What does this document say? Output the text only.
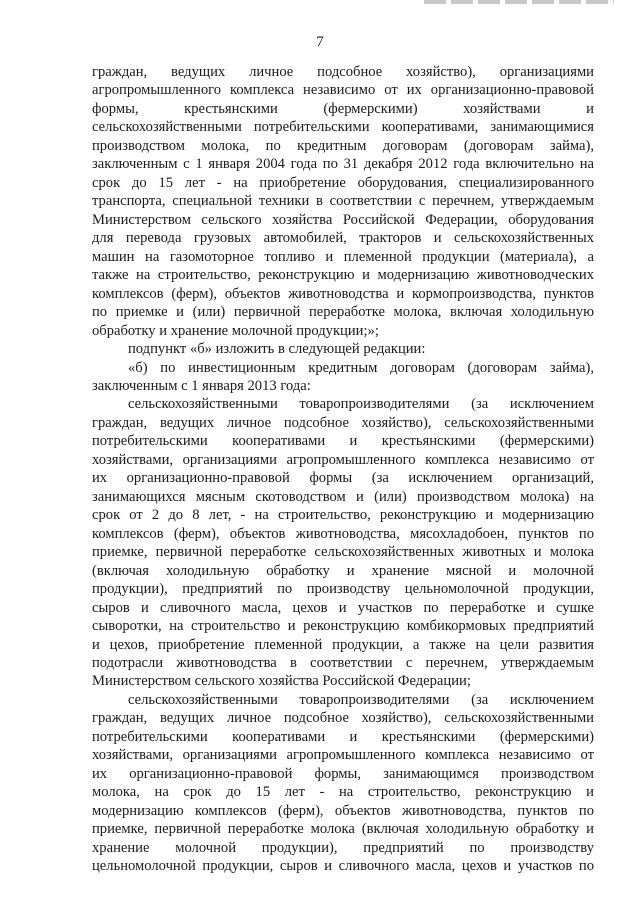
7
граждан, ведущих личное подсобное хозяйство), организациями
агропромышленного комплекса независимо от их организационно-правовой
формы, крестьянскими (фермерскими) хозяйствами и
сельскохозяйственными потребительскими кооперативами, занимающимися
производством молока, по кредитным договорам (договорам займа),
заключенным с 1 января 2004 года по 31 декабря 2012 года включительно на
срок до 15 лет - на приобретение оборудования, специализированного
транспорта, специальной техники в соответствии с перечнем, утверждаемым
Министерством сельского хозяйства Российской Федерации, оборудования
для перевода грузовых автомобилей, тракторов и сельскохозяйственных
машин на газомоторное топливо и племенной продукции (материала), а
также на строительство, реконструкцию и модернизацию животноводческих
комплексов (ферм), объектов животноводства и кормопроизводства, пунктов
по приемке и (или) первичной переработке молока, включая холодильную
обработку и хранение молочной продукции;»;
подпункт «б» изложить в следующей редакции:
«б) по инвестиционным кредитным договорам (договорам займа),
заключенным с 1 января 2013 года:
сельскохозяйственными товаропроизводителями (за исключением
граждан, ведущих личное подсобное хозяйство), сельскохозяйственными
потребительскими кооперативами и крестьянскими (фермерскими)
хозяйствами, организациями агропромышленного комплекса независимо от
их организационно-правовой формы (за исключением организаций,
занимающихся мясным скотоводством и (или) производством молока) на
срок от 2 до 8 лет, - на строительство, реконструкцию и модернизацию
комплексов (ферм), объектов животноводства, мясохладобоен, пунктов по
приемке, первичной переработке сельскохозяйственных животных и молока
(включая холодильную обработку и хранение мясной и молочной
продукции), предприятий по производству цельномолочной продукции,
сыров и сливочного масла, цехов и участков по переработке и сушке
сыворотки, на строительство и реконструкцию комбикормовых предприятий
и цехов, приобретение племенной продукции, а также на цели развития
подотрасли животноводства в соответствии с перечнем, утверждаемым
Министерством сельского хозяйства Российской Федерации;
сельскохозяйственными товаропроизводителями (за исключением
граждан, ведущих личное подсобное хозяйство), сельскохозяйственными
потребительскими кооперативами и крестьянскими (фермерскими)
хозяйствами, организациями агропромышленного комплекса независимо от
их организационно-правовой формы, занимающимся производством
молока, на срок до 15 лет - на строительство, реконструкцию и
модернизацию комплексов (ферм), объектов животноводства, пунктов по
приемке, первичной переработке молока (включая холодильную обработку и
хранение молочной продукции), предприятий по производству
цельномолочной продукции, сыров и сливочного масла, цехов и участков по
